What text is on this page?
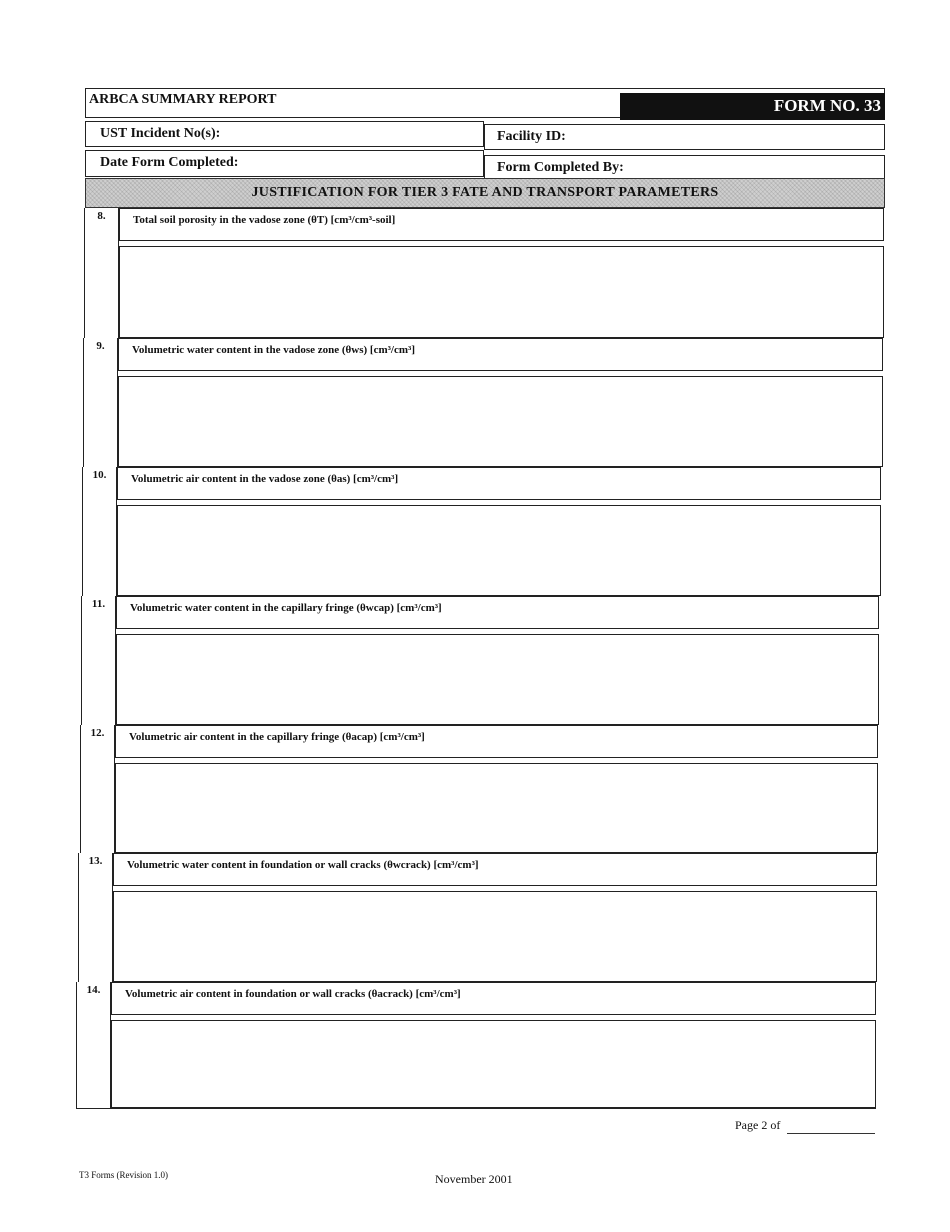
ARBCA SUMMARY REPORT	FORM NO. 33
UST Incident No(s):	Facility ID:
Date Form Completed:	Form Completed By:
JUSTIFICATION FOR TIER 3 FATE AND TRANSPORT PARAMETERS
8.	Total soil porosity in the vadose zone (θT) [cm³/cm³-soil]
9.	Volumetric water content in the vadose zone (θws) [cm³/cm³]
10.	Volumetric air content in the vadose zone (θas) [cm³/cm³]
11.	Volumetric water content in the capillary fringe (θwcap) [cm³/cm³]
12.	Volumetric air content in the capillary fringe (θacap) [cm³/cm³]
13.	Volumetric water content in foundation or wall cracks (θwcrack) [cm³/cm³]
14.	Volumetric air content in foundation or wall cracks (θacrack) [cm³/cm³]
Page 2 of
T3 Forms (Revision 1.0)	November 2001
